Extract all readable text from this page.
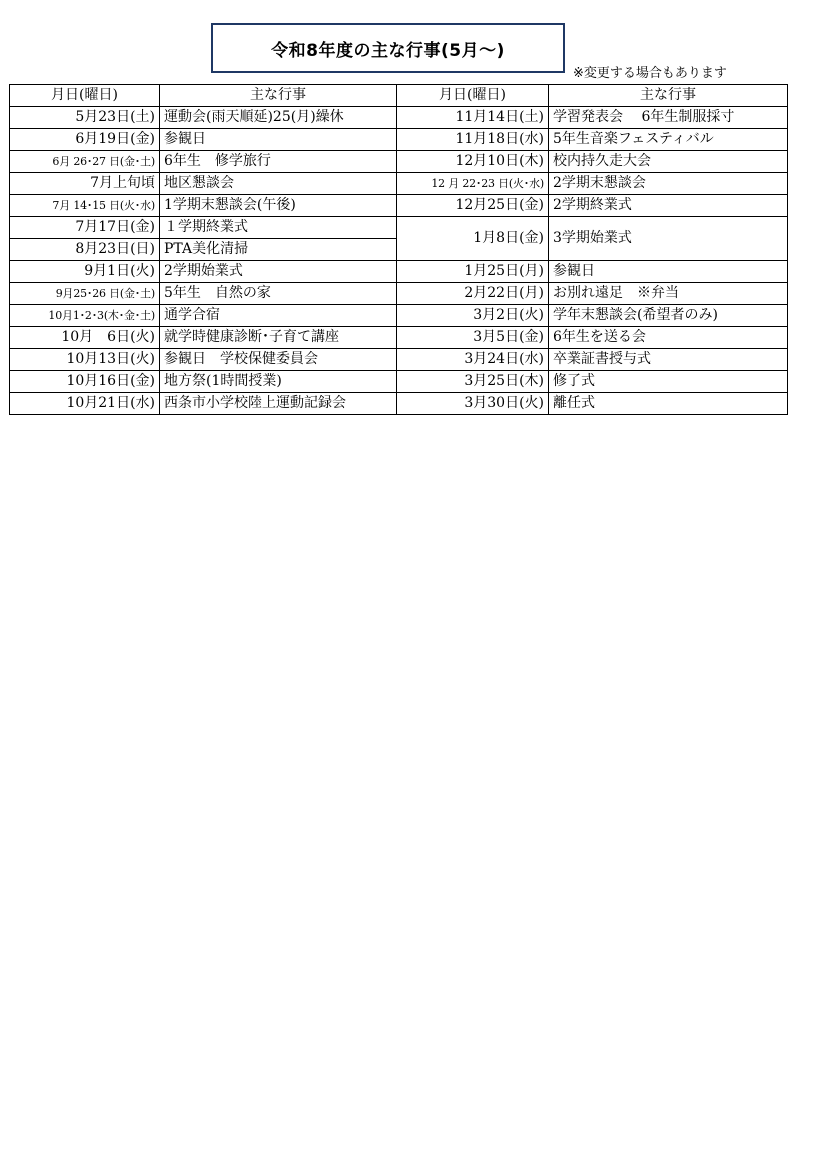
令和8年度の主な行事(5月～)
※変更する場合もあります
月日(曜日)	主な行事	月日(曜日)	主な行事
5月23日(土)	運動会(雨天順延)25(月)繰休	11月14日(土)	学習発表会　 6年生制服採寸
6月19日(金)	参観日	11月18日(水)	5年生音楽フェスティバル
6月 26･27 日(金･土)	6年生　修学旅行	12月10日(木)	校内持久走大会
7月上旬頃	地区懇談会	12 月 22･23 日(火･水)	2学期末懇談会
7月 14･15 日(火･水)	1学期末懇談会(午後)	12月25日(金)	2学期終業式
7月17日(金)	１学期終業式	1月8日(金)	3学期始業式
8月23日(日)	PTA美化清掃		
9月1日(火)	2学期始業式	1月25日(月)	参観日
9月25･26 日(金･土)	5年生　自然の家	2月22日(月)	お別れ遠足　※弁当
10月1･2･3(木･金･土)	通学合宿	3月2日(火)	学年末懇談会(希望者のみ)
10月　6日(火)	就学時健康診断･子育て講座	3月5日(金)	6年生を送る会
10月13日(火)	参観日　学校保健委員会	3月24日(水)	卒業証書授与式
10月16日(金)	地方祭(1時間授業)	3月25日(木)	修了式
10月21日(水)	西条市小学校陸上運動記録会	3月30日(火)	離任式
